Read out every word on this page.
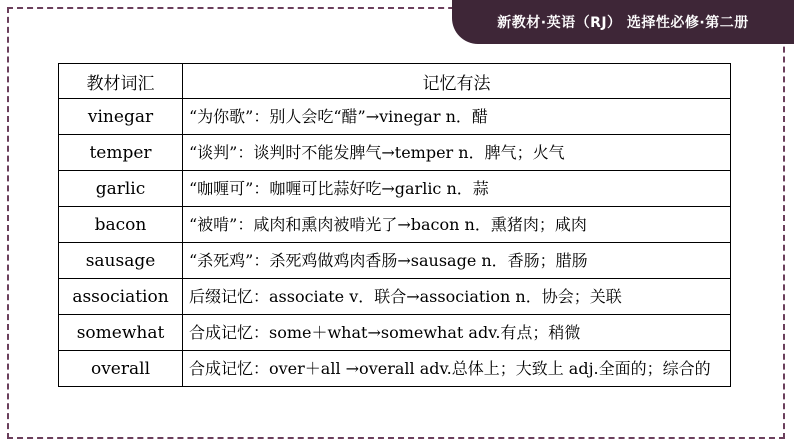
新教材·英语（RJ） 选择性必修·第二册
教材词汇	记忆有法
vinegar	“为你歌”：别人会吃“醋”→vinegar n．醋
temper	“谈判”：谈判时不能发脾气→temper n．脾气；火气
garlic	“咖喱可”：咖喱可比蒜好吃→garlic n．蒜
bacon	“被啃”：咸肉和熏肉被啃光了→bacon n．熏猪肉；咸肉
sausage	“杀死鸡”：杀死鸡做鸡肉香肠→sausage n．香肠；腊肠
association	后缀记忆：associate v．联合→association n．协会；关联
somewhat	合成记忆：some＋what→somewhat adv.有点；稍微
overall	合成记忆：over＋all →overall adv.总体上；大致上 adj.全面的；综合的
